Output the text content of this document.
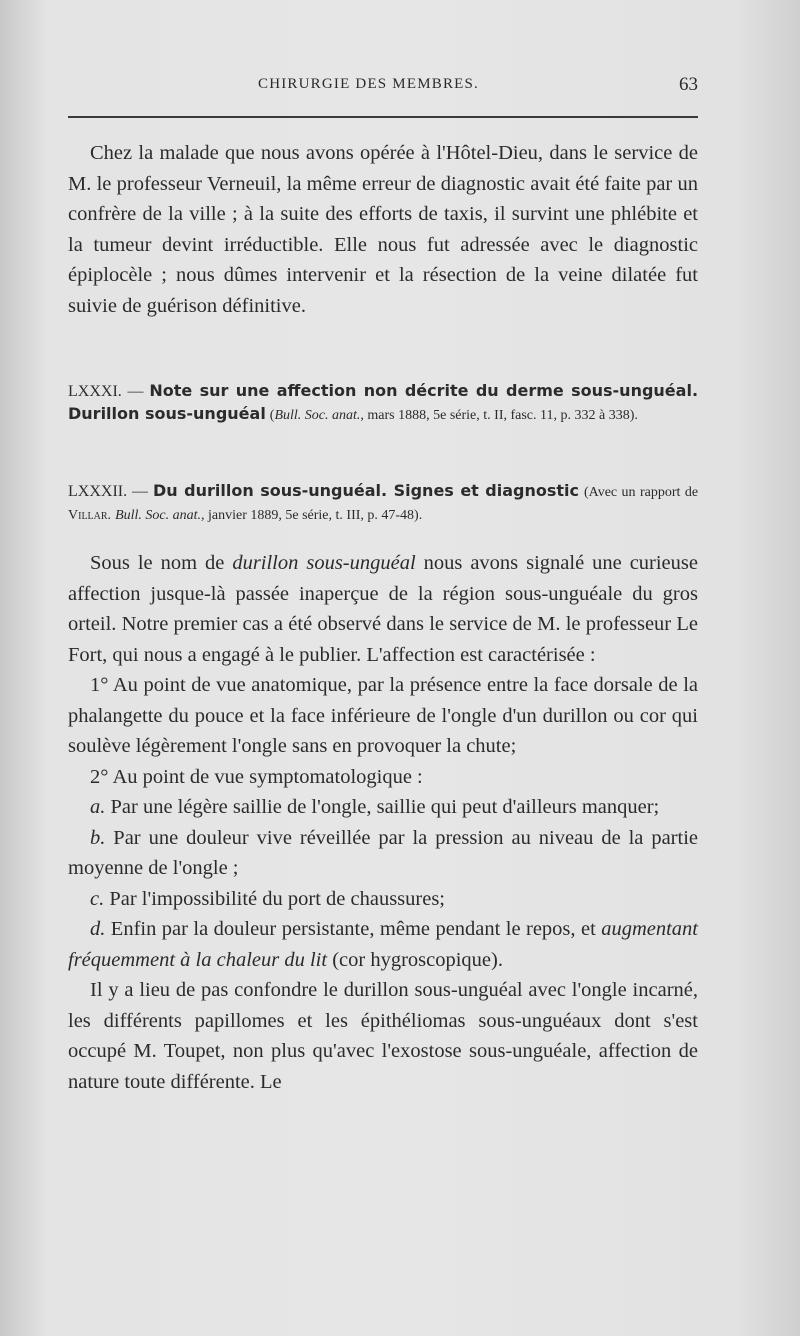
CHIRURGIE DES MEMBRES.	63

Chez la malade que nous avons opérée à l'Hôtel-Dieu, dans le service de M. le professeur Verneuil, la même erreur de diagnostic avait été faite par un confrère de la ville ; à la suite des efforts de taxis, il survint une phlébite et la tumeur devint irréductible. Elle nous fut adressée avec le diagnostic épiplocèle ; nous dûmes intervenir et la résection de la veine dilatée fut suivie de guérison définitive.

LXXXI. — Note sur une affection non décrite du derme sous-unguéal. Durillon sous-unguéal (Bull. Soc. anat., mars 1888, 5e série, t. II, fasc. 11, p. 332 à 338).
LXXXII. — Du durillon sous-unguéal. Signes et diagnostic (Avec un rapport de Villar. Bull. Soc. anat., janvier 1889, 5e série, t. III, p. 47-48).

Sous le nom de durillon sous-unguéal nous avons signalé une curieuse affection jusque-là passée inaperçue de la région sous-unguéale du gros orteil. Notre premier cas a été observé dans le service de M. le professeur Le Fort, qui nous a engagé à le publier. L'affection est caractérisée :

1° Au point de vue anatomique, par la présence entre la face dorsale de la phalangette du pouce et la face inférieure de l'ongle d'un durillon ou cor qui soulève légèrement l'ongle sans en provoquer la chute;

2° Au point de vue symptomatologique :

a. Par une légère saillie de l'ongle, saillie qui peut d'ailleurs manquer;

b. Par une douleur vive réveillée par la pression au niveau de la partie moyenne de l'ongle ;

c. Par l'impossibilité du port de chaussures;

d. Enfin par la douleur persistante, même pendant le repos, et augmentant fréquemment à la chaleur du lit (cor hygroscopique).

Il y a lieu de pas confondre le durillon sous-unguéal avec l'ongle incarné, les différents papillomes et les épithéliomas sous-unguéaux dont s'est occupé M. Toupet, non plus qu'avec l'exostose sous-unguéale, affection de nature toute différente. Le
